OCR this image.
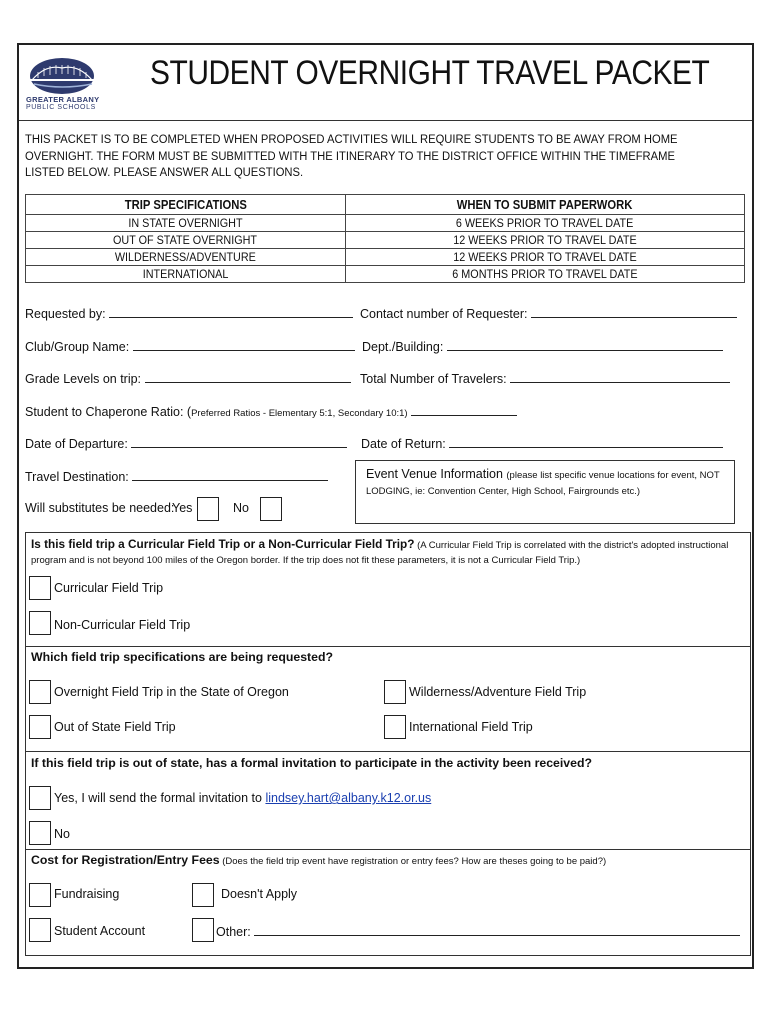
GREATER ALBANY
PUBLIC SCHOOLS
STUDENT OVERNIGHT TRAVEL PACKET
THIS PACKET IS TO BE COMPLETED WHEN PROPOSED ACTIVITIES WILL REQUIRE STUDENTS TO BE AWAY FROM HOME OVERNIGHT. THE FORM MUST BE SUBMITTED WITH THE ITINERARY TO THE DISTRICT OFFICE WITHIN THE TIMEFRAME LISTED BELOW. PLEASE ANSWER ALL QUESTIONS.
TRIP SPECIFICATIONS	WHEN TO SUBMIT PAPERWORK
IN STATE OVERNIGHT	6 WEEKS PRIOR TO TRAVEL DATE
OUT OF STATE OVERNIGHT	12 WEEKS PRIOR TO TRAVEL DATE
WILDERNESS/ADVENTURE	12 WEEKS PRIOR TO TRAVEL DATE
INTERNATIONAL	6 MONTHS PRIOR TO TRAVEL DATE
Requested by:	Contact number of Requester:
Club/Group Name:	Dept./Building:
Grade Levels on trip:	Total Number of Travelers:
Student to Chaperone Ratio: (Preferred Ratios - Elementary 5:1, Secondary 10:1)
Date of Departure:	Date of Return:
Travel Destination:	Event Venue Information (please list specific venue locations for event, NOT LODGING, ie: Convention Center, High School, Fairgrounds etc.)
Will substitutes be needed:
Yes	No
Is this field trip a Curricular Field Trip or a Non-Curricular Field Trip? (A Curricular Field Trip is correlated with the district's adopted instructional
program and is not beyond 100 miles of the Oregon border. If the trip does not fit these parameters, it is not a Curricular Field Trip.)
Curricular Field Trip
Non-Curricular Field Trip
Which field trip specifications are being requested?
Overnight Field Trip in the State of Oregon	Wilderness/Adventure Field Trip
Out of State Field Trip	International Field Trip
If this field trip is out of state, has a formal invitation to participate in the activity been received?
Yes, I will send the formal invitation to lindsey.hart@albany.k12.or.us
No
Cost for Registration/Entry Fees (Does the field trip event have registration or entry fees? How are theses going to be paid?)
Fundraising	Doesn't Apply
Student Account	Other:
